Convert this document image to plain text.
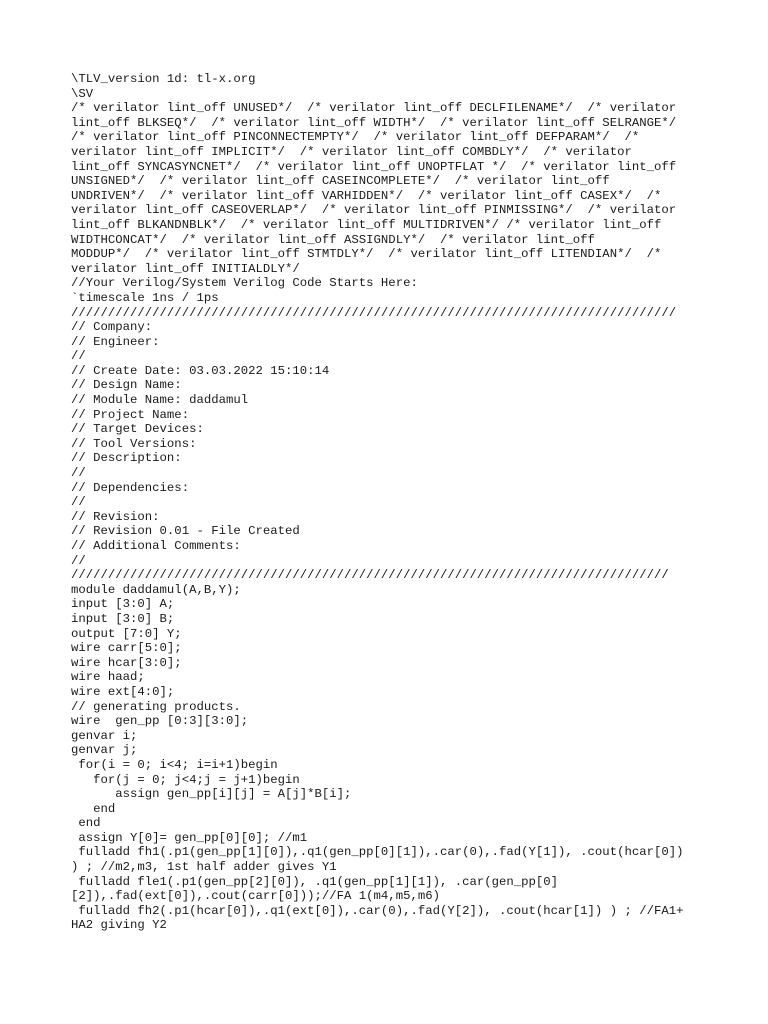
\TLV_version 1d: tl-x.org
\SV
/* verilator lint_off UNUSED*/  /* verilator lint_off DECLFILENAME*/  /* verilator
lint_off BLKSEQ*/  /* verilator lint_off WIDTH*/  /* verilator lint_off SELRANGE*/
/* verilator lint_off PINCONNECTEMPTY*/  /* verilator lint_off DEFPARAM*/  /*
verilator lint_off IMPLICIT*/  /* verilator lint_off COMBDLY*/  /* verilator
lint_off SYNCASYNCNET*/  /* verilator lint_off UNOPTFLAT */  /* verilator lint_off
UNSIGNED*/  /* verilator lint_off CASEINCOMPLETE*/  /* verilator lint_off
UNDRIVEN*/  /* verilator lint_off VARHIDDEN*/  /* verilator lint_off CASEX*/  /*
verilator lint_off CASEOVERLAP*/  /* verilator lint_off PINMISSING*/  /* verilator
lint_off BLKANDNBLK*/  /* verilator lint_off MULTIDRIVEN*/ /* verilator lint_off
WIDTHCONCAT*/  /* verilator lint_off ASSIGNDLY*/  /* verilator lint_off
MODDUP*/  /* verilator lint_off STMTDLY*/  /* verilator lint_off LITENDIAN*/  /*
verilator lint_off INITIALDLY*/
//Your Verilog/System Verilog Code Starts Here:
`timescale 1ns / 1ps
//////////////////////////////////////////////////////////////////////////////////
// Company:
// Engineer:
//
// Create Date: 03.03.2022 15:10:14
// Design Name:
// Module Name: daddamul
// Project Name:
// Target Devices:
// Tool Versions:
// Description:
//
// Dependencies:
//
// Revision:
// Revision 0.01 - File Created
// Additional Comments:
//
/////////////////////////////////////////////////////////////////////////////////
module daddamul(A,B,Y);
input [3:0] A;
input [3:0] B;
output [7:0] Y;
wire carr[5:0];
wire hcar[3:0];
wire haad;
wire ext[4:0];
// generating products.
wire  gen_pp [0:3][3:0];
genvar i;
genvar j;
for(i = 0; i<4; i=i+1)begin
for(j = 0; j<4;j = j+1)begin
assign gen_pp[i][j] = A[j]*B[i];
end
end
assign Y[0]= gen_pp[0][0]; //m1
fulladd fh1(.p1(gen_pp[1][0]),.q1(gen_pp[0][1]),.car(0),.fad(Y[1]), .cout(hcar[0])
) ; //m2,m3, 1st half adder gives Y1
fulladd fle1(.p1(gen_pp[2][0]), .q1(gen_pp[1][1]), .car(gen_pp[0]
[2]),.fad(ext[0]),.cout(carr[0]));//FA 1(m4,m5,m6)
fulladd fh2(.p1(hcar[0]),.q1(ext[0]),.car(0),.fad(Y[2]), .cout(hcar[1]) ) ; //FA1+
HA2 giving Y2
